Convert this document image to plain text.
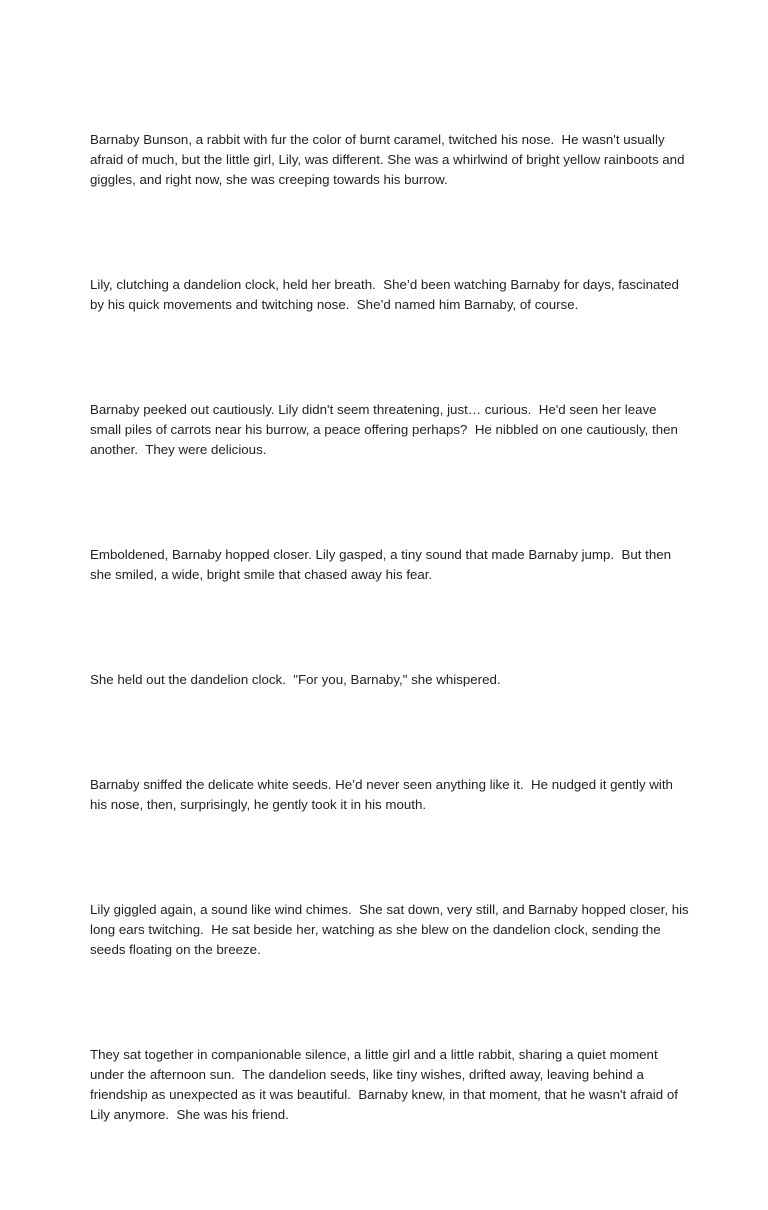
Barnaby Bunson, a rabbit with fur the color of burnt caramel, twitched his nose.  He wasn't usually afraid of much, but the little girl, Lily, was different. She was a whirlwind of bright yellow rainboots and giggles, and right now, she was creeping towards his burrow.

Lily, clutching a dandelion clock, held her breath.  She’d been watching Barnaby for days, fascinated by his quick movements and twitching nose.  She’d named him Barnaby, of course.

Barnaby peeked out cautiously. Lily didn't seem threatening, just… curious.  He'd seen her leave small piles of carrots near his burrow, a peace offering perhaps?  He nibbled on one cautiously, then another.  They were delicious.

Emboldened, Barnaby hopped closer. Lily gasped, a tiny sound that made Barnaby jump.  But then she smiled, a wide, bright smile that chased away his fear.

She held out the dandelion clock.  "For you, Barnaby," she whispered.

Barnaby sniffed the delicate white seeds. He’d never seen anything like it.  He nudged it gently with his nose, then, surprisingly, he gently took it in his mouth.

Lily giggled again, a sound like wind chimes.  She sat down, very still, and Barnaby hopped closer, his long ears twitching.  He sat beside her, watching as she blew on the dandelion clock, sending the seeds floating on the breeze.

They sat together in companionable silence, a little girl and a little rabbit, sharing a quiet moment under the afternoon sun.  The dandelion seeds, like tiny wishes, drifted away, leaving behind a friendship as unexpected as it was beautiful.  Barnaby knew, in that moment, that he wasn't afraid of Lily anymore.  She was his friend.
